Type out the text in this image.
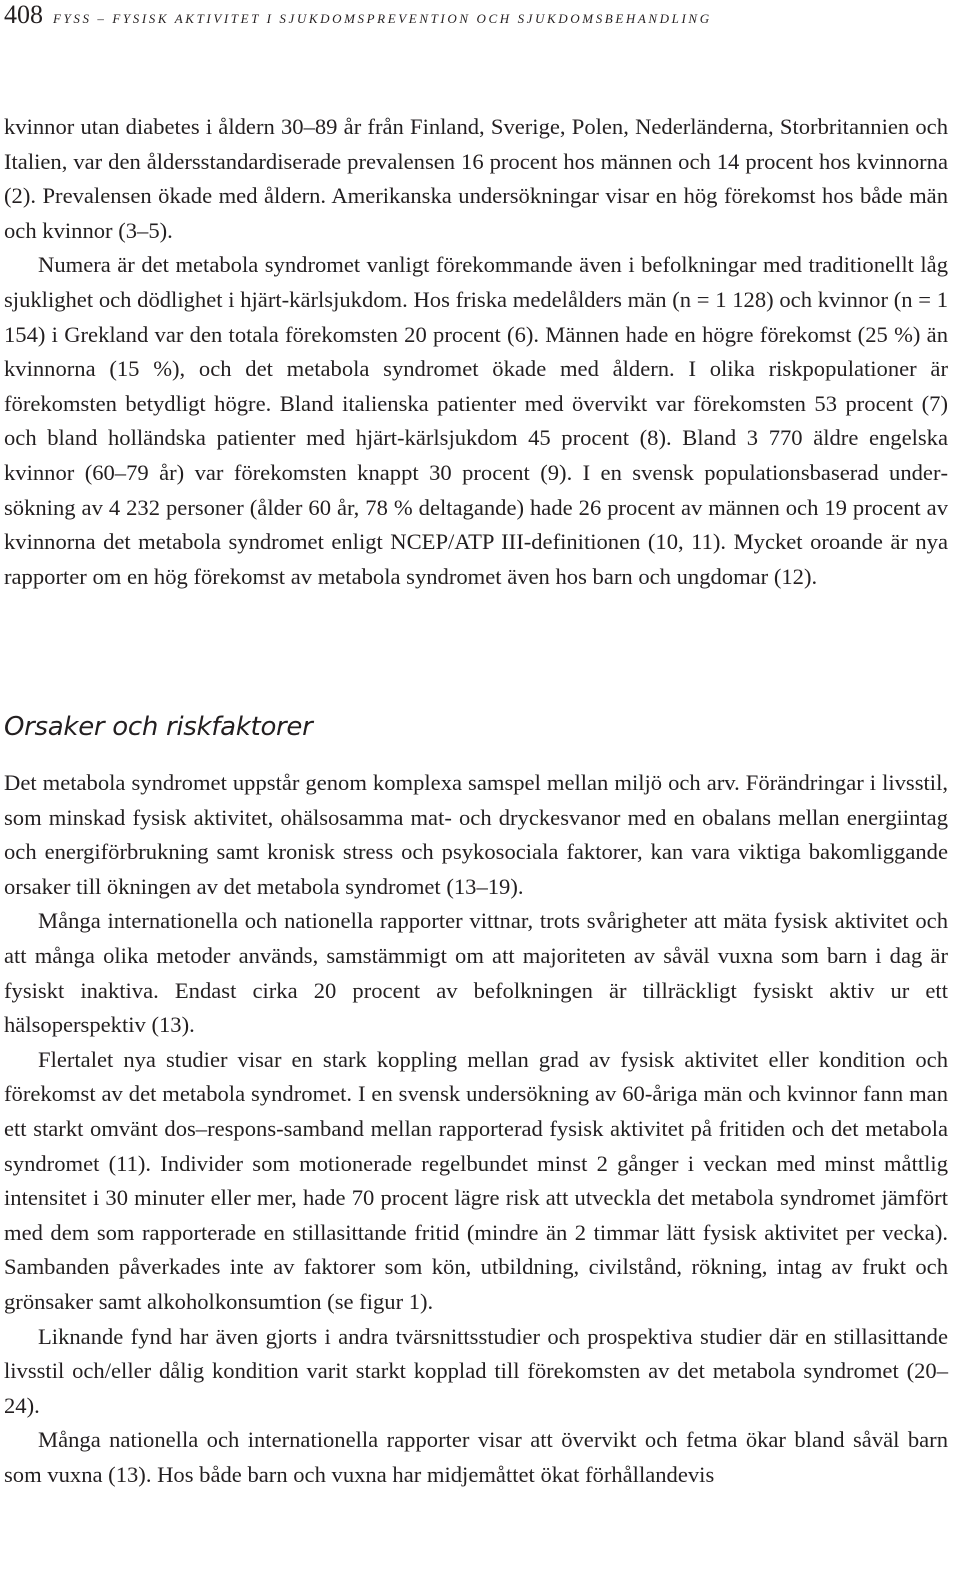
408 FYSS – FYSISK AKTIVITET I SJUKDOMSPREVENTION OCH SJUKDOMSBEHANDLING

kvinnor utan diabetes i åldern 30–89 år från Finland, Sverige, Polen, Nederländerna, Storbritannien och Italien, var den åldersstandardiserade prevalensen 16 procent hos männen och 14 procent hos kvinnorna (2). Prevalensen ökade med åldern. Amerikanska undersökningar visar en hög förekomst hos både män och kvinnor (3–5).

Numera är det metabola syndromet vanligt förekommande även i befolkningar med traditionellt låg sjuklighet och dödlighet i hjärt-kärlsjukdom. Hos friska medelålders män (n = 1 128) och kvinnor (n = 1 154) i Grekland var den totala förekomsten 20 procent (6). Männen hade en högre förekomst (25 %) än kvinnorna (15 %), och det metabola syndromet ökade med åldern. I olika riskpopulationer är förekomsten betydligt högre. Bland italienska patienter med övervikt var förekomsten 53 procent (7) och bland holländska patienter med hjärt-kärlsjukdom 45 procent (8). Bland 3 770 äldre engelska kvinnor (60–79 år) var förekomsten knappt 30 procent (9). I en svensk populationsbaserad undersökning av 4 232 personer (ålder 60 år, 78 % deltagande) hade 26 procent av männen och 19 procent av kvinnorna det metabola syndromet enligt NCEP/ATP III-definitionen (10, 11). Mycket oroande är nya rapporter om en hög förekomst av metabola syndromet även hos barn och ungdomar (12).

Orsaker och riskfaktorer

Det metabola syndromet uppstår genom komplexa samspel mellan miljö och arv. Förändringar i livsstil, som minskad fysisk aktivitet, ohälsosamma mat- och dryckesvanor med en obalans mellan energiintag och energiförbrukning samt kronisk stress och psykosociala faktorer, kan vara viktiga bakomliggande orsaker till ökningen av det metabola syndromet (13–19).

Många internationella och nationella rapporter vittnar, trots svårigheter att mäta fysisk aktivitet och att många olika metoder används, samstämmigt om att majoriteten av såväl vuxna som barn i dag är fysiskt inaktiva. Endast cirka 20 procent av befolkningen är tillräckligt fysiskt aktiv ur ett hälsoperspektiv (13).

Flertalet nya studier visar en stark koppling mellan grad av fysisk aktivitet eller kondition och förekomst av det metabola syndromet. I en svensk undersökning av 60-åriga män och kvinnor fann man ett starkt omvänt dos–respons-samband mellan rapporterad fysisk aktivitet på fritiden och det metabola syndromet (11). Individer som motionerade regelbundet minst 2 gånger i veckan med minst måttlig intensitet i 30 minuter eller mer, hade 70 procent lägre risk att utveckla det metabola syndromet jämfört med dem som rapporterade en stillasittande fritid (mindre än 2 timmar lätt fysisk aktivitet per vecka). Sambanden påverkades inte av faktorer som kön, utbildning, civilstånd, rökning, intag av frukt och grönsaker samt alkoholkonsumtion (se figur 1).

Liknande fynd har även gjorts i andra tvärsnittsstudier och prospektiva studier där en stillasittande livsstil och/eller dålig kondition varit starkt kopplad till förekomsten av det metabola syndromet (20–24).

Många nationella och internationella rapporter visar att övervikt och fetma ökar bland såväl barn som vuxna (13). Hos både barn och vuxna har midjemåttet ökat förhållandevis
